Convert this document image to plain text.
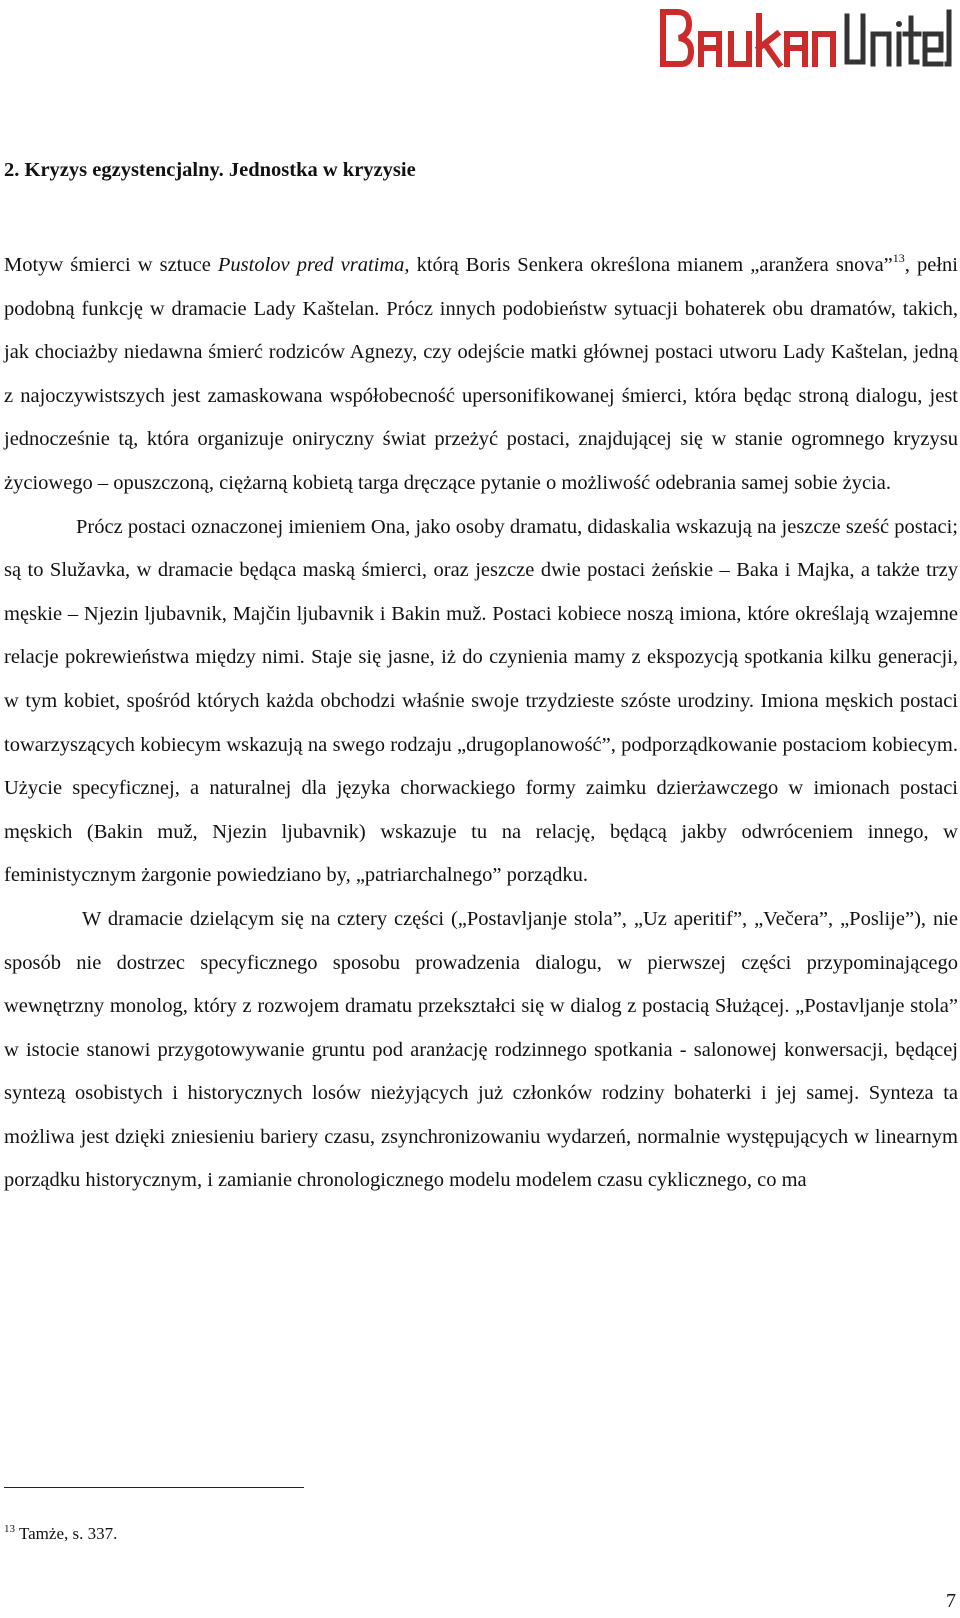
2. Kryzys egzystencjalny. Jednostka w kryzysie

Motyw śmierci w sztuce Pustolov pred vratima, którą Boris Senkera określona mianem „aranžera snova”$^{13}$, pełni podobną funkcję w dramacie Lady Kaštelan. Prócz innych podobieństw sytuacji bohaterek obu dramatów, takich, jak chociażby niedawna śmierć rodziców Agnezy, czy odejście matki głównej postaci utworu Lady Kaštelan, jedną z najoczywistszych jest zamaskowana współobecność upersonifikowanej śmierci, która będąc stroną dialogu, jest jednocześnie tą, która organizuje oniryczny świat przeżyć postaci, znajdującej się w stanie ogromnego kryzysu życiowego – opuszczoną, ciężarną kobietą targa dręczące pytanie o możliwość odebrania samej sobie życia.

Prócz postaci oznaczonej imieniem Ona, jako osoby dramatu, didaskalia wskazują na jeszcze sześć postaci; są to Služavka, w dramacie będąca maską śmierci, oraz jeszcze dwie postaci żeńskie – Baka i Majka, a także trzy męskie – Njezin ljubavnik, Majčin ljubavnik i Bakin muž. Postaci kobiece noszą imiona, które określają wzajemne relacje pokrewieństwa między nimi. Staje się jasne, iż do czynienia mamy z ekspozycją spotkania kilku generacji, w tym kobiet, spośród których każda obchodzi właśnie swoje trzydzieste szóste urodziny. Imiona męskich postaci towarzyszących kobiecym wskazują na swego rodzaju „drugoplanowość”, podporządkowanie postaciom kobiecym. Użycie specyficznej, a naturalnej dla języka chorwackiego formy zaimku dzierżawczego w imionach postaci męskich (Bakin muž, Njezin ljubavnik) wskazuje tu na relację, będącą jakby odwróceniem innego, w feministycznym żargonie powiedziano by, „patriarchalnego” porządku.

W dramacie dzielącym się na cztery części („Postavljanje stola”, „Uz aperitif”, „Večera”, „Poslije”), nie sposób nie dostrzec specyficznego sposobu prowadzenia dialogu, w pierwszej części przypominającego wewnętrzny monolog, który z rozwojem dramatu przekształci się w dialog z postacią Służącej. „Postavljanje stola” w istocie stanowi przygotowywanie gruntu pod aranżację rodzinnego spotkania - salonowej konwersacji, będącej syntezą osobistych i historycznych losów nieżyjących już członków rodziny bohaterki i jej samej. Synteza ta możliwa jest dzięki zniesieniu bariery czasu, zsynchronizowaniu wydarzeń, normalnie występujących w linearnym porządku historycznym, i zamianie chronologicznego modelu modelem czasu cyklicznego, co ma

$^{13}$ Tamże, s. 337.
7
